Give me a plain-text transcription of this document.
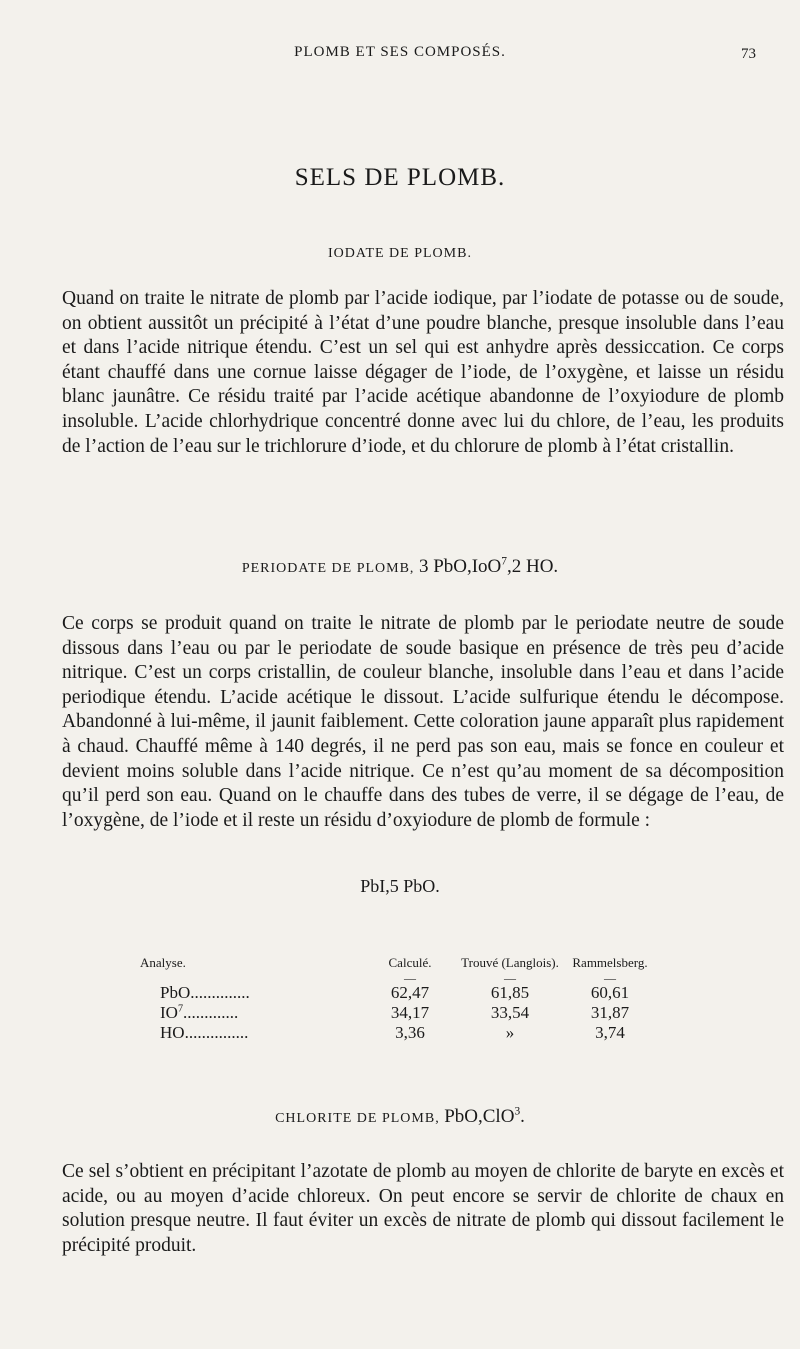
PLOMB ET SES COMPOSÉS.	73
SELS DE PLOMB.
IODATE DE PLOMB.

Quand on traite le nitrate de plomb par l’acide iodique, par l’iodate de potasse ou de soude, on obtient aussitôt un précipité à l’état d’une poudre blanche, presque insoluble dans l’eau et dans l’acide nitrique étendu. C’est un sel qui est anhydre après dessiccation. Ce corps étant chauffé dans une cornue laisse dégager de l’iode, de l’oxygène, et laisse un résidu blanc jaunâtre. Ce résidu traité par l’acide acétique abandonne de l’oxyiodure de plomb insoluble. L’acide chlorhydrique concentré donne avec lui du chlore, de l’eau, les produits de l’action de l’eau sur le trichlorure d’iode, et du chlorure de plomb à l’état cristallin.

PERIODATE DE PLOMB, 3 PbO,IoO$^7$,2 HO.

Ce corps se produit quand on traite le nitrate de plomb par le periodate neutre de soude dissous dans l’eau ou par le periodate de soude basique en présence de très peu d’acide nitrique. C’est un corps cristallin, de couleur blanche, insoluble dans l’eau et dans l’acide periodique étendu. L’acide acétique le dissout. L’acide sulfurique étendu le décompose. Abandonné à lui-même, il jaunit faiblement. Cette coloration jaune apparaît plus rapidement à chaud. Chauffé même à 140 degrés, il ne perd pas son eau, mais se fonce en couleur et devient moins soluble dans l’acide nitrique. Ce n’est qu’au moment de sa décomposition qu’il perd son eau. Quand on le chauffe dans des tubes de verre, il se dégage de l’eau, de l’oxygène, de l’iode et il reste un résidu d’oxyiodure de plomb de formule :

PbI,5 PbO.
Analyse.	Calculé.	Trouvé (Langlois).	Rammelsberg.
	—	—	—
PbO..............	62,47	61,85	60,61
$IO^7$.............	34,17	33,54	31,87
HO...............	3,36	»	3,74
CHLORITE DE PLOMB, PbO,ClO$^3$.

Ce sel s’obtient en précipitant l’azotate de plomb au moyen de chlorite de baryte en excès et acide, ou au moyen d’acide chloreux. On peut encore se servir de chlorite de chaux en solution presque neutre. Il faut éviter un excès de nitrate de plomb qui dissout facilement le précipité produit.
